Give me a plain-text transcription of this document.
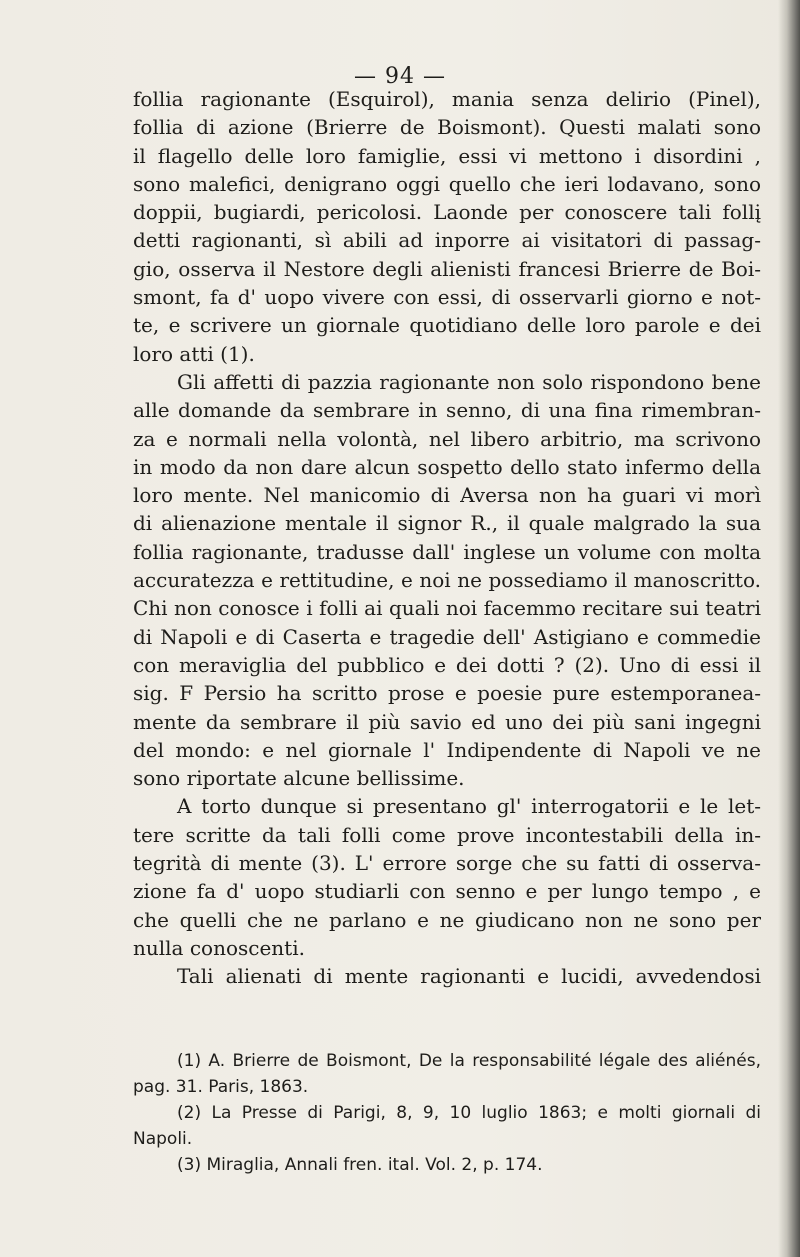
— 94 —
follia ragionante (Esquirol), mania senza delirio (Pinel),
follia di azione (Brierre de Boismont). Questi malati sono
il flagello delle loro famiglie, essi vi mettono i disordini ,
sono malefici, denigrano oggi quello che ieri lodavano, sono
doppii, bugiardi, pericolosi. Laonde per conoscere tali follį
detti ragionanti, sì abili ad inporre ai visitatori di passag-
gio, osserva il Nestore degli alienisti francesi Brierre de Boi-
smont, fa d' uopo vivere con essi, di osservarli giorno e not-
te, e scrivere un giornale quotidiano delle loro parole e dei
loro atti (1).
Gli affetti di pazzia ragionante non solo rispondono bene
alle domande da sembrare in senno, di una fina rimembran-
za e normali nella volontà, nel libero arbitrio, ma scrivono
in modo da non dare alcun sospetto dello stato infermo della
loro mente. Nel manicomio di Aversa non ha guari vi morì
di alienazione mentale il signor R., il quale malgrado la sua
follia ragionante, tradusse dall' inglese un volume con molta
accuratezza e rettitudine, e noi ne possediamo il manoscritto.
Chi non conosce i folli ai quali noi facemmo recitare sui teatri
di Napoli e di Caserta e tragedie dell' Astigiano e commedie
con meraviglia del pubblico e dei dotti ? (2). Uno di essi il
sig. F Persio ha scritto prose e poesie pure estemporanea-
mente da sembrare il più savio ed uno dei più sani ingegni
del mondo: e nel giornale l' Indipendente di Napoli ve ne
sono riportate alcune bellissime.
A torto dunque si presentano gl' interrogatorii e le let-
tere scritte da tali folli come prove incontestabili della in-
tegrità di mente (3). L' errore sorge che su fatti di osserva-
zione fa d' uopo studiarli con senno e per lungo tempo , e
che quelli che ne parlano e ne giudicano non ne sono per
nulla conoscenti.
Tali alienati di mente ragionanti e lucidi, avvedendosi
(1) A. Brierre de Boismont, De la responsabilité légale des aliénés,
pag. 31. Paris, 1863.
(2) La Presse di Parigi, 8, 9, 10 luglio 1863; e molti giornali di
Napoli.
(3) Miraglia, Annali fren. ital. Vol. 2, p. 174.
